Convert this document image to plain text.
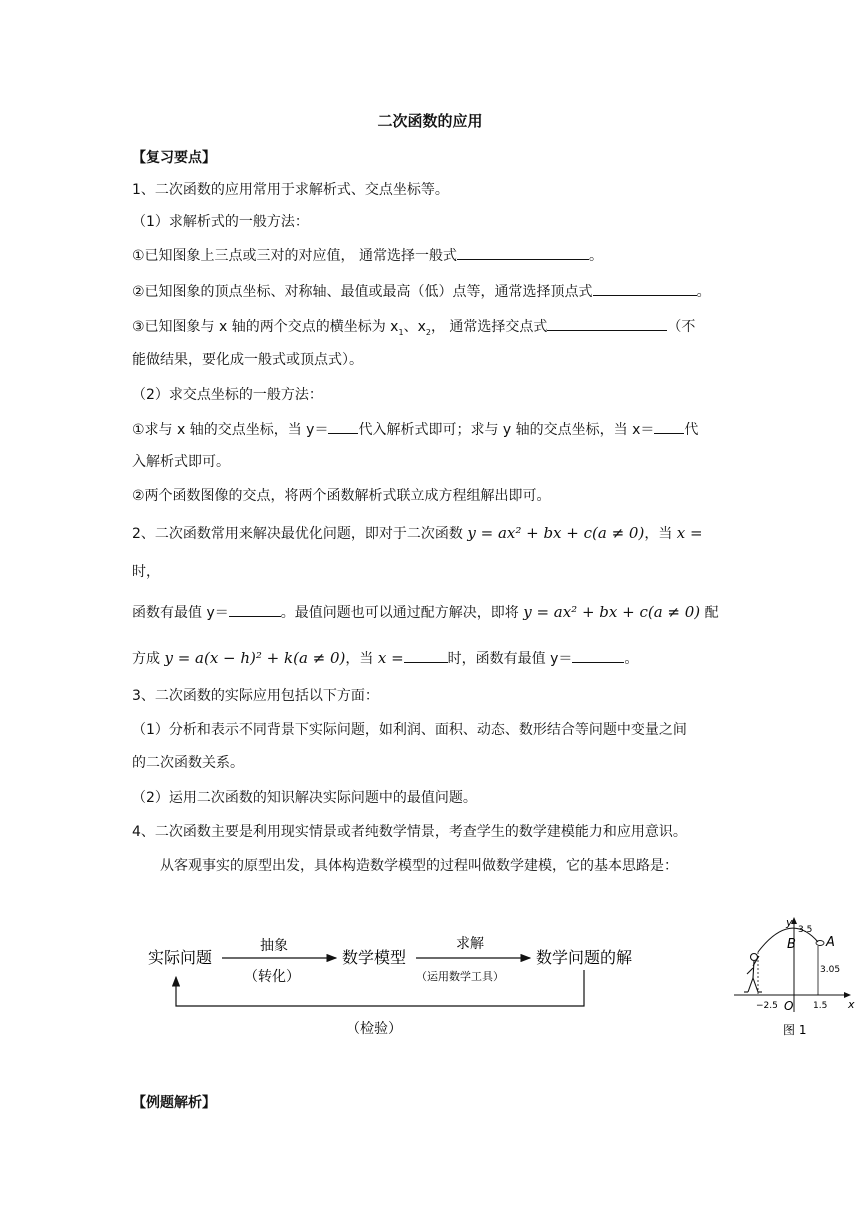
二次函数的应用
【复习要点】
1、二次函数的应用常用于求解析式、交点坐标等。
（1）求解析式的一般方法：
①已知图象上三点或三对的对应值， 通常选择一般式	。
②已知图象的顶点坐标、对称轴、最值或最高（低）点等，通常选择顶点式	。
③已知图象与 x 轴的两个交点的横坐标为 $x_1$、$x_2$， 通常选择交点式	（不
能做结果，要化成一般式或顶点式）。
（2）求交点坐标的一般方法：
①求与 x 轴的交点坐标，当 y＝ 代入解析式即可；求与 y 轴的交点坐标，当 x＝ 代
入解析式即可。
②两个函数图像的交点，将两个函数解析式联立成方程组解出即可。
2、二次函数常用来解决最优化问题，即对于二次函数 y = ax² + bx + c(a ≠ 0)，当 x =
时，
函数有最值 y＝	。最值问题也可以通过配方解决，即将 y = ax² + bx + c(a ≠ 0) 配
方成 y = a(x − h)² + k(a ≠ 0)，当 x =	时，函数有最值 y＝	。
3、二次函数的实际应用包括以下方面：
（1）分析和表示不同背景下实际问题，如利润、面积、动态、数形结合等问题中变量之间
的二次函数关系。
（2）运用二次函数的知识解决实际问题中的最值问题。
4、二次函数主要是利用现实情景或者纯数学情景，考查学生的数学建模能力和应用意识。
从客观事实的原型出发，具体构造数学模型的过程叫做数学建模，它的基本思路是：
实际问题	数学模型	数学问题的解
抽象
（转化）
求解
（运用数学工具）
（检验）
y
x
O
3.5
B A
3.05
−2.5	1.5
图 1
【例题解析】
